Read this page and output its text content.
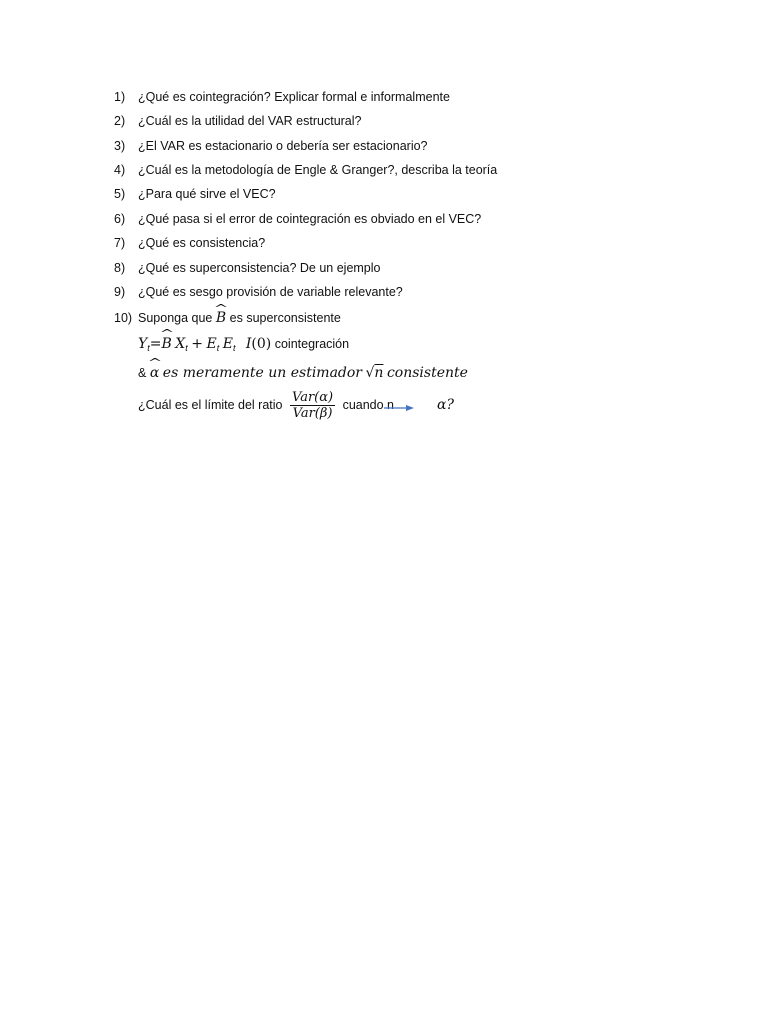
1) ¿Qué es cointegración? Explicar formal e informalmente
2) ¿Cuál es la utilidad del VAR estructural?
3) ¿El VAR es estacionario o debería ser estacionario?
4) ¿Cuál es la metodología de Engle & Granger?, describa la teoría
5) ¿Para qué sirve el VEC?
6) ¿Qué pasa si el error de cointegración es obviado en el VEC?
7) ¿Qué es consistencia?
8) ¿Qué es superconsistencia? De un ejemplo
9) ¿Qué es sesgo provisión de variable relevante?
10) Suponga que ^ B es superconsistente
$Y_t=\^{}$ B $X_t + E_t$ $E_t$ I(0) cointegración
& ^ α es meramente un estimador √n consistente
¿Cuál es el límite del ratio $\frac{\text{Var(α)}}{\text{Var(β)}}$ cuando n	α?
